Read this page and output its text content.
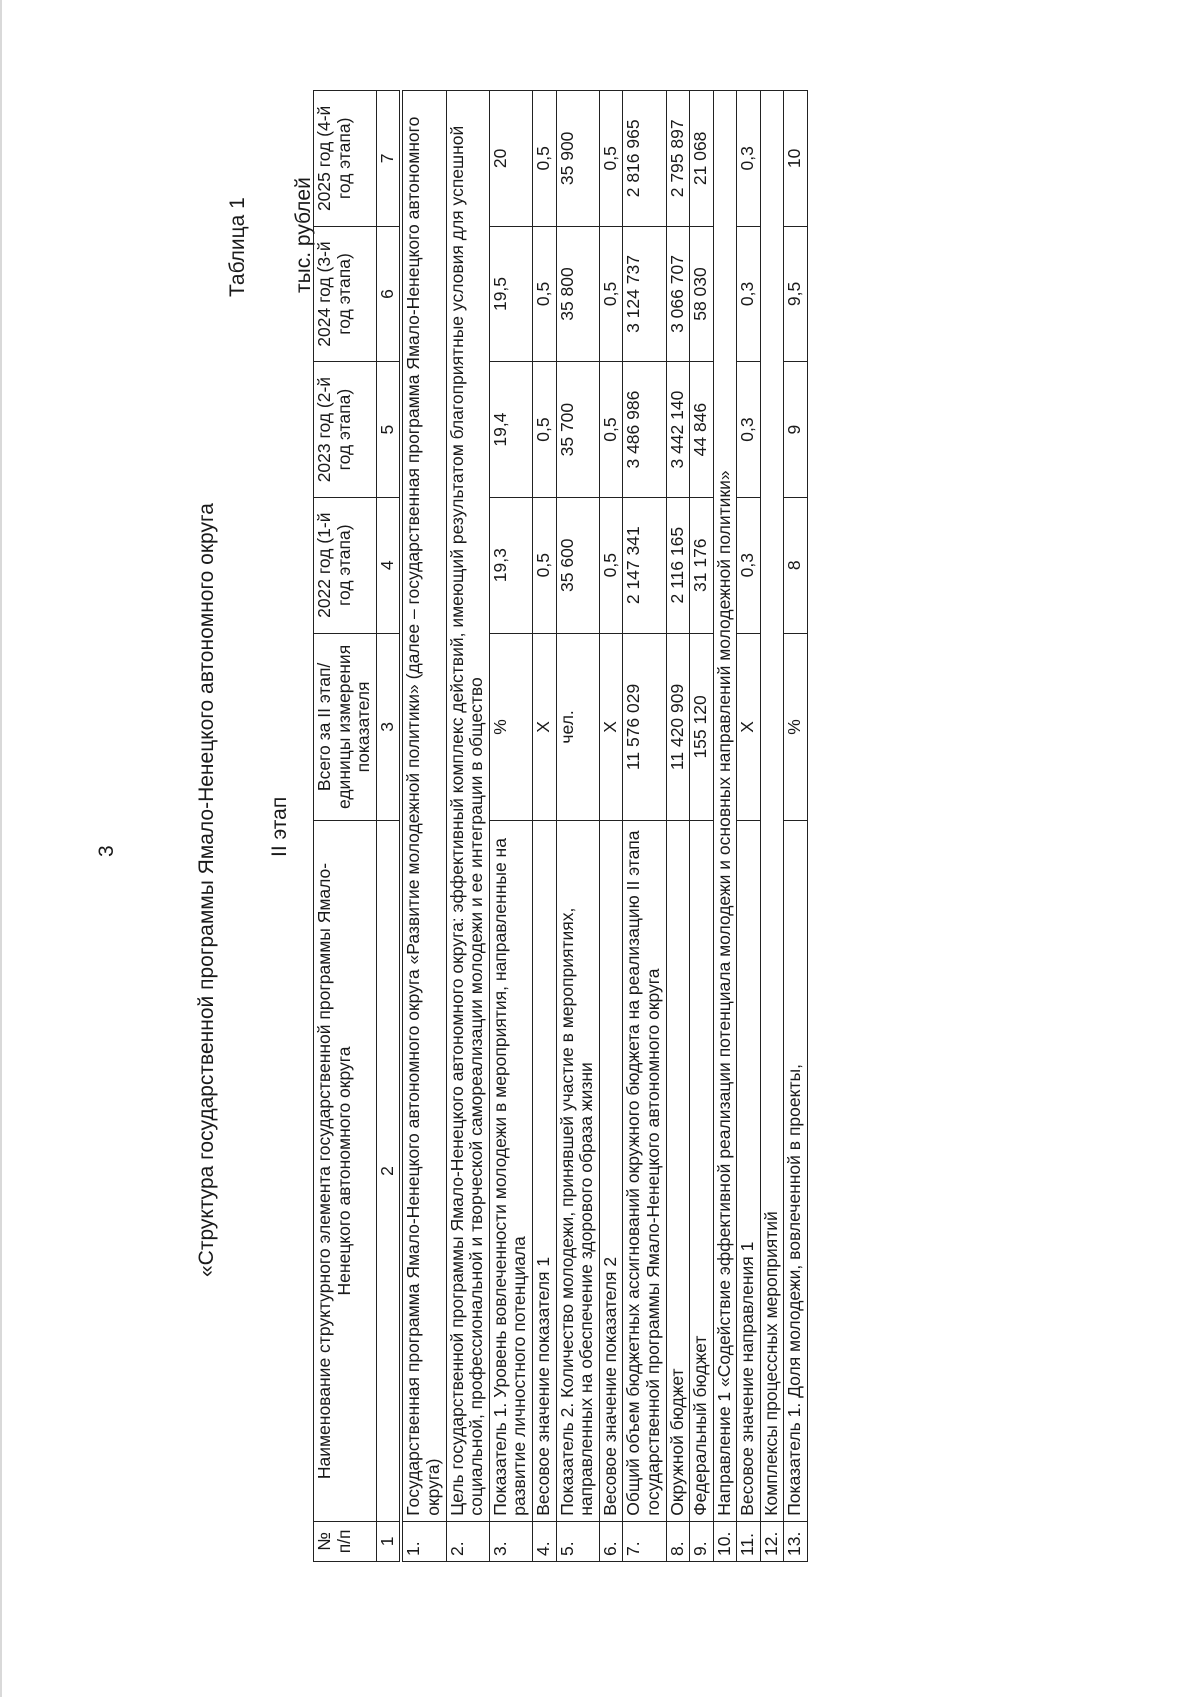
3	«Структура государственной программы Ямало-Ненецкого автономного округа II этап
Таблица 1 тыс. рублей
№ п/п	Наименование структурного элемента государственной программы Ямало-Ненецкого автономного округа	Всего за II этап/ единицы измерения показателя	2022 год (1-й год этапа)	2023 год (2-й год этапа)	2024 год (3-й год этапа)	2025 год (4-й год этапа)
1	2	3	4	5	6	7
1.	Государственная программа Ямало-Ненецкого автономного округа «Развитие молодежной политики» (далее – государственная программа Ямало-Ненецкого автономного округа)					
2.	Цель государственной программы Ямало-Ненецкого автономного округа: эффективный комплекс действий, имеющий результатом благоприятные условия для успешной социальной, профессиональной и творческой самореализации молодежи и ее интеграции в общество					
3.	Показатель 1. Уровень вовлеченности молодежи в мероприятия, направленные на развитие личностного потенциала	%	19,3	19,4	19,5	20
4.	Весовое значение показателя 1	X	0,5	0,5	0,5	0,5
5.	Показатель 2. Количество молодежи, принявшей участие в мероприятиях, направленных на обеспечение здорового образа жизни	чел.	35 600	35 700	35 800	35 900
6.	Весовое значение показателя 2	X	0,5	0,5	0,5	0,5
7.	Общий объем бюджетных ассигнований окружного бюджета на реализацию II этапа государственной программы Ямало-Ненецкого автономного округа	11 576 029	2 147 341	3 486 986	3 124 737	2 816 965
8.	Окружной бюджет	11 420 909	2 116 165	3 442 140	3 066 707	2 795 897
9.	Федеральный бюджет	155 120	31 176	44 846	58 030	21 068
10.	Направление 1 «Содействие эффективной реализации потенциала молодежи и основных направлений молодежной политики»					
11.	Весовое значение направления 1	X	0,3	0,3	0,3	0,3
12.	Комплексы процессных мероприятий					
13.	Показатель 1. Доля молодежи, вовлеченной в проекты,	%	8	9	9,5	10
